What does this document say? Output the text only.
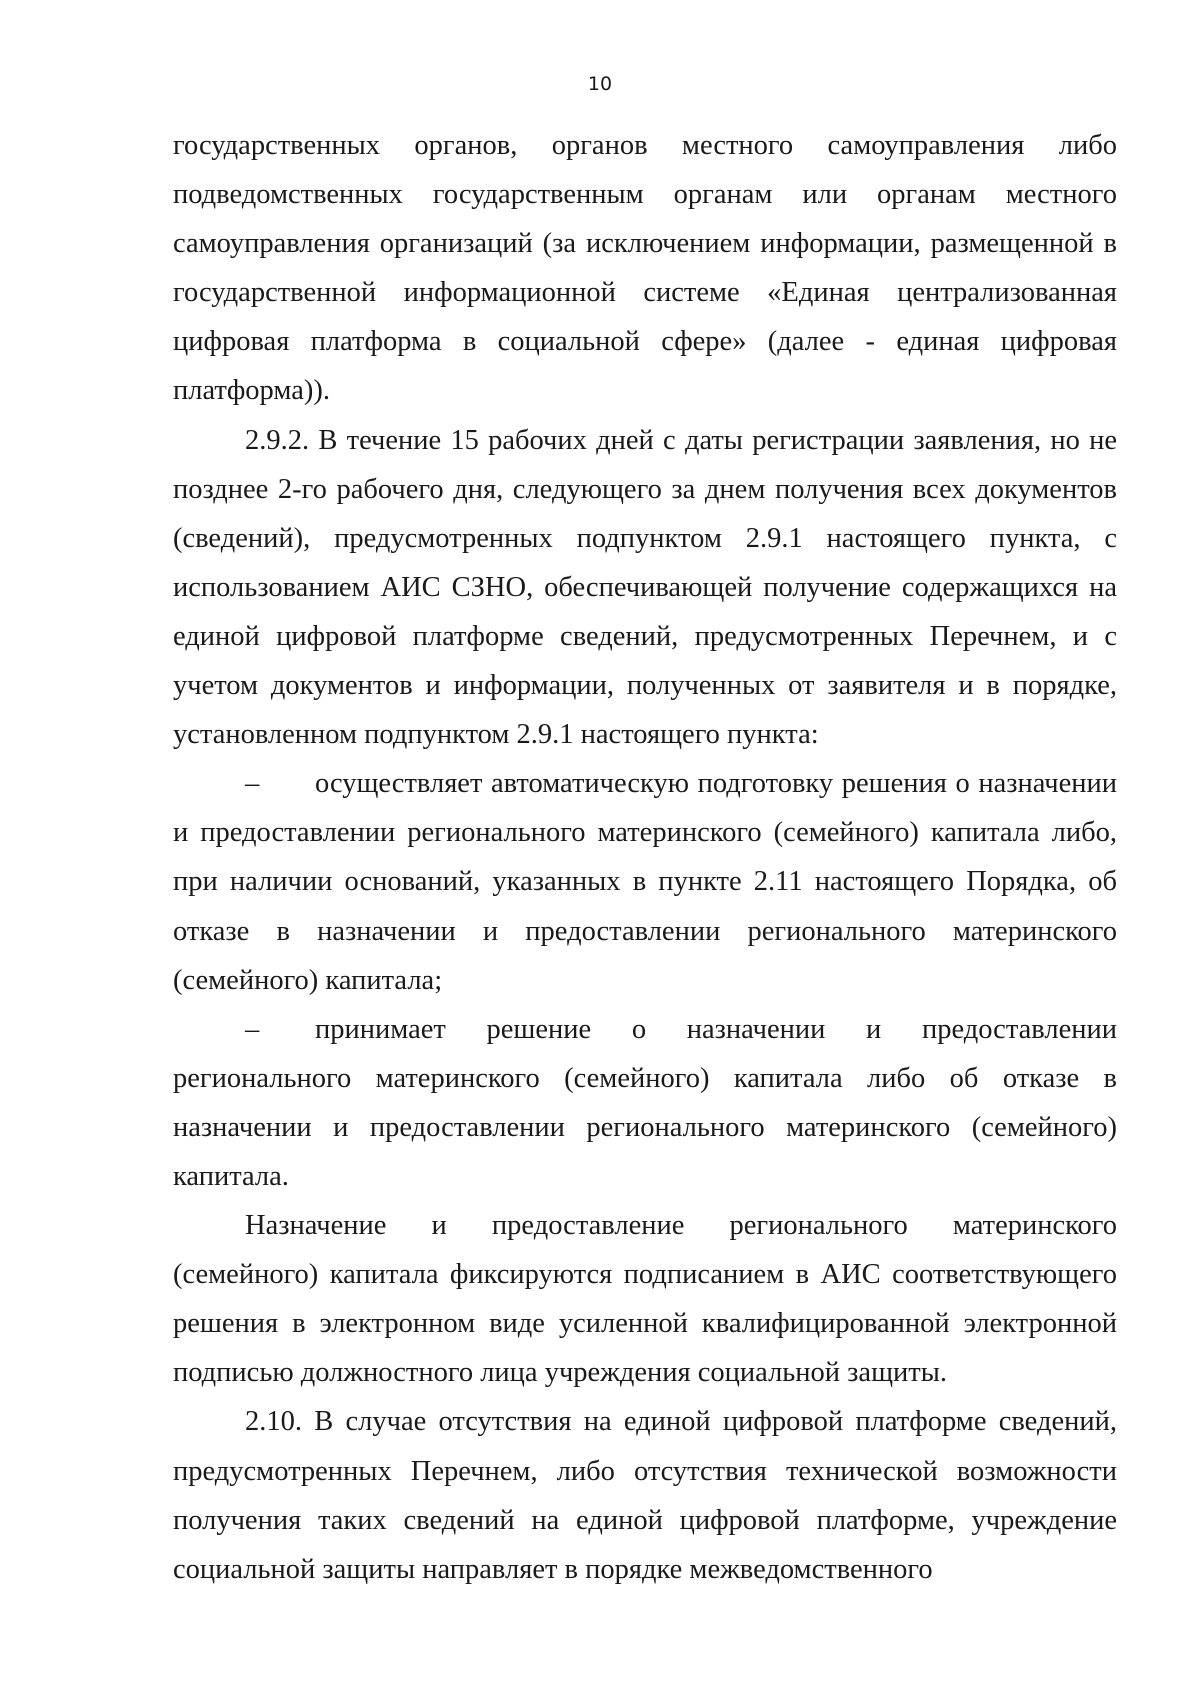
10

государственных органов, органов местного самоуправления либо подведомственных государственным органам или органам местного самоуправления организаций (за исключением информации, размещенной в государственной информационной системе «Единая централизованная цифровая платформа в социальной сфере» (далее - единая цифровая платформа)).

2.9.2. В течение 15 рабочих дней с даты регистрации заявления, но не позднее 2-го рабочего дня, следующего за днем получения всех документов (сведений), предусмотренных подпунктом 2.9.1 настоящего пункта, с использованием АИС СЗНО, обеспечивающей получение содержащихся на единой цифровой платформе сведений, предусмотренных Перечнем, и с учетом документов и информации, полученных от заявителя и в порядке, установленном подпунктом 2.9.1 настоящего пункта:

– осуществляет автоматическую подготовку решения о назначении и предоставлении регионального материнского (семейного) капитала либо, при наличии оснований, указанных в пункте 2.11 настоящего Порядка, об отказе в назначении и предоставлении регионального материнского (семейного) капитала;

– принимает решение о назначении и предоставлении регионального материнского (семейного) капитала либо об отказе в назначении и предоставлении регионального материнского (семейного) капитала.

Назначение и предоставление регионального материнского (семейного) капитала фиксируются подписанием в АИС соответствующего решения в электронном виде усиленной квалифицированной электронной подписью должностного лица учреждения социальной защиты.

2.10. В случае отсутствия на единой цифровой платформе сведений, предусмотренных Перечнем, либо отсутствия технической возможности получения таких сведений на единой цифровой платформе, учреждение социальной защиты направляет в порядке межведомственного
